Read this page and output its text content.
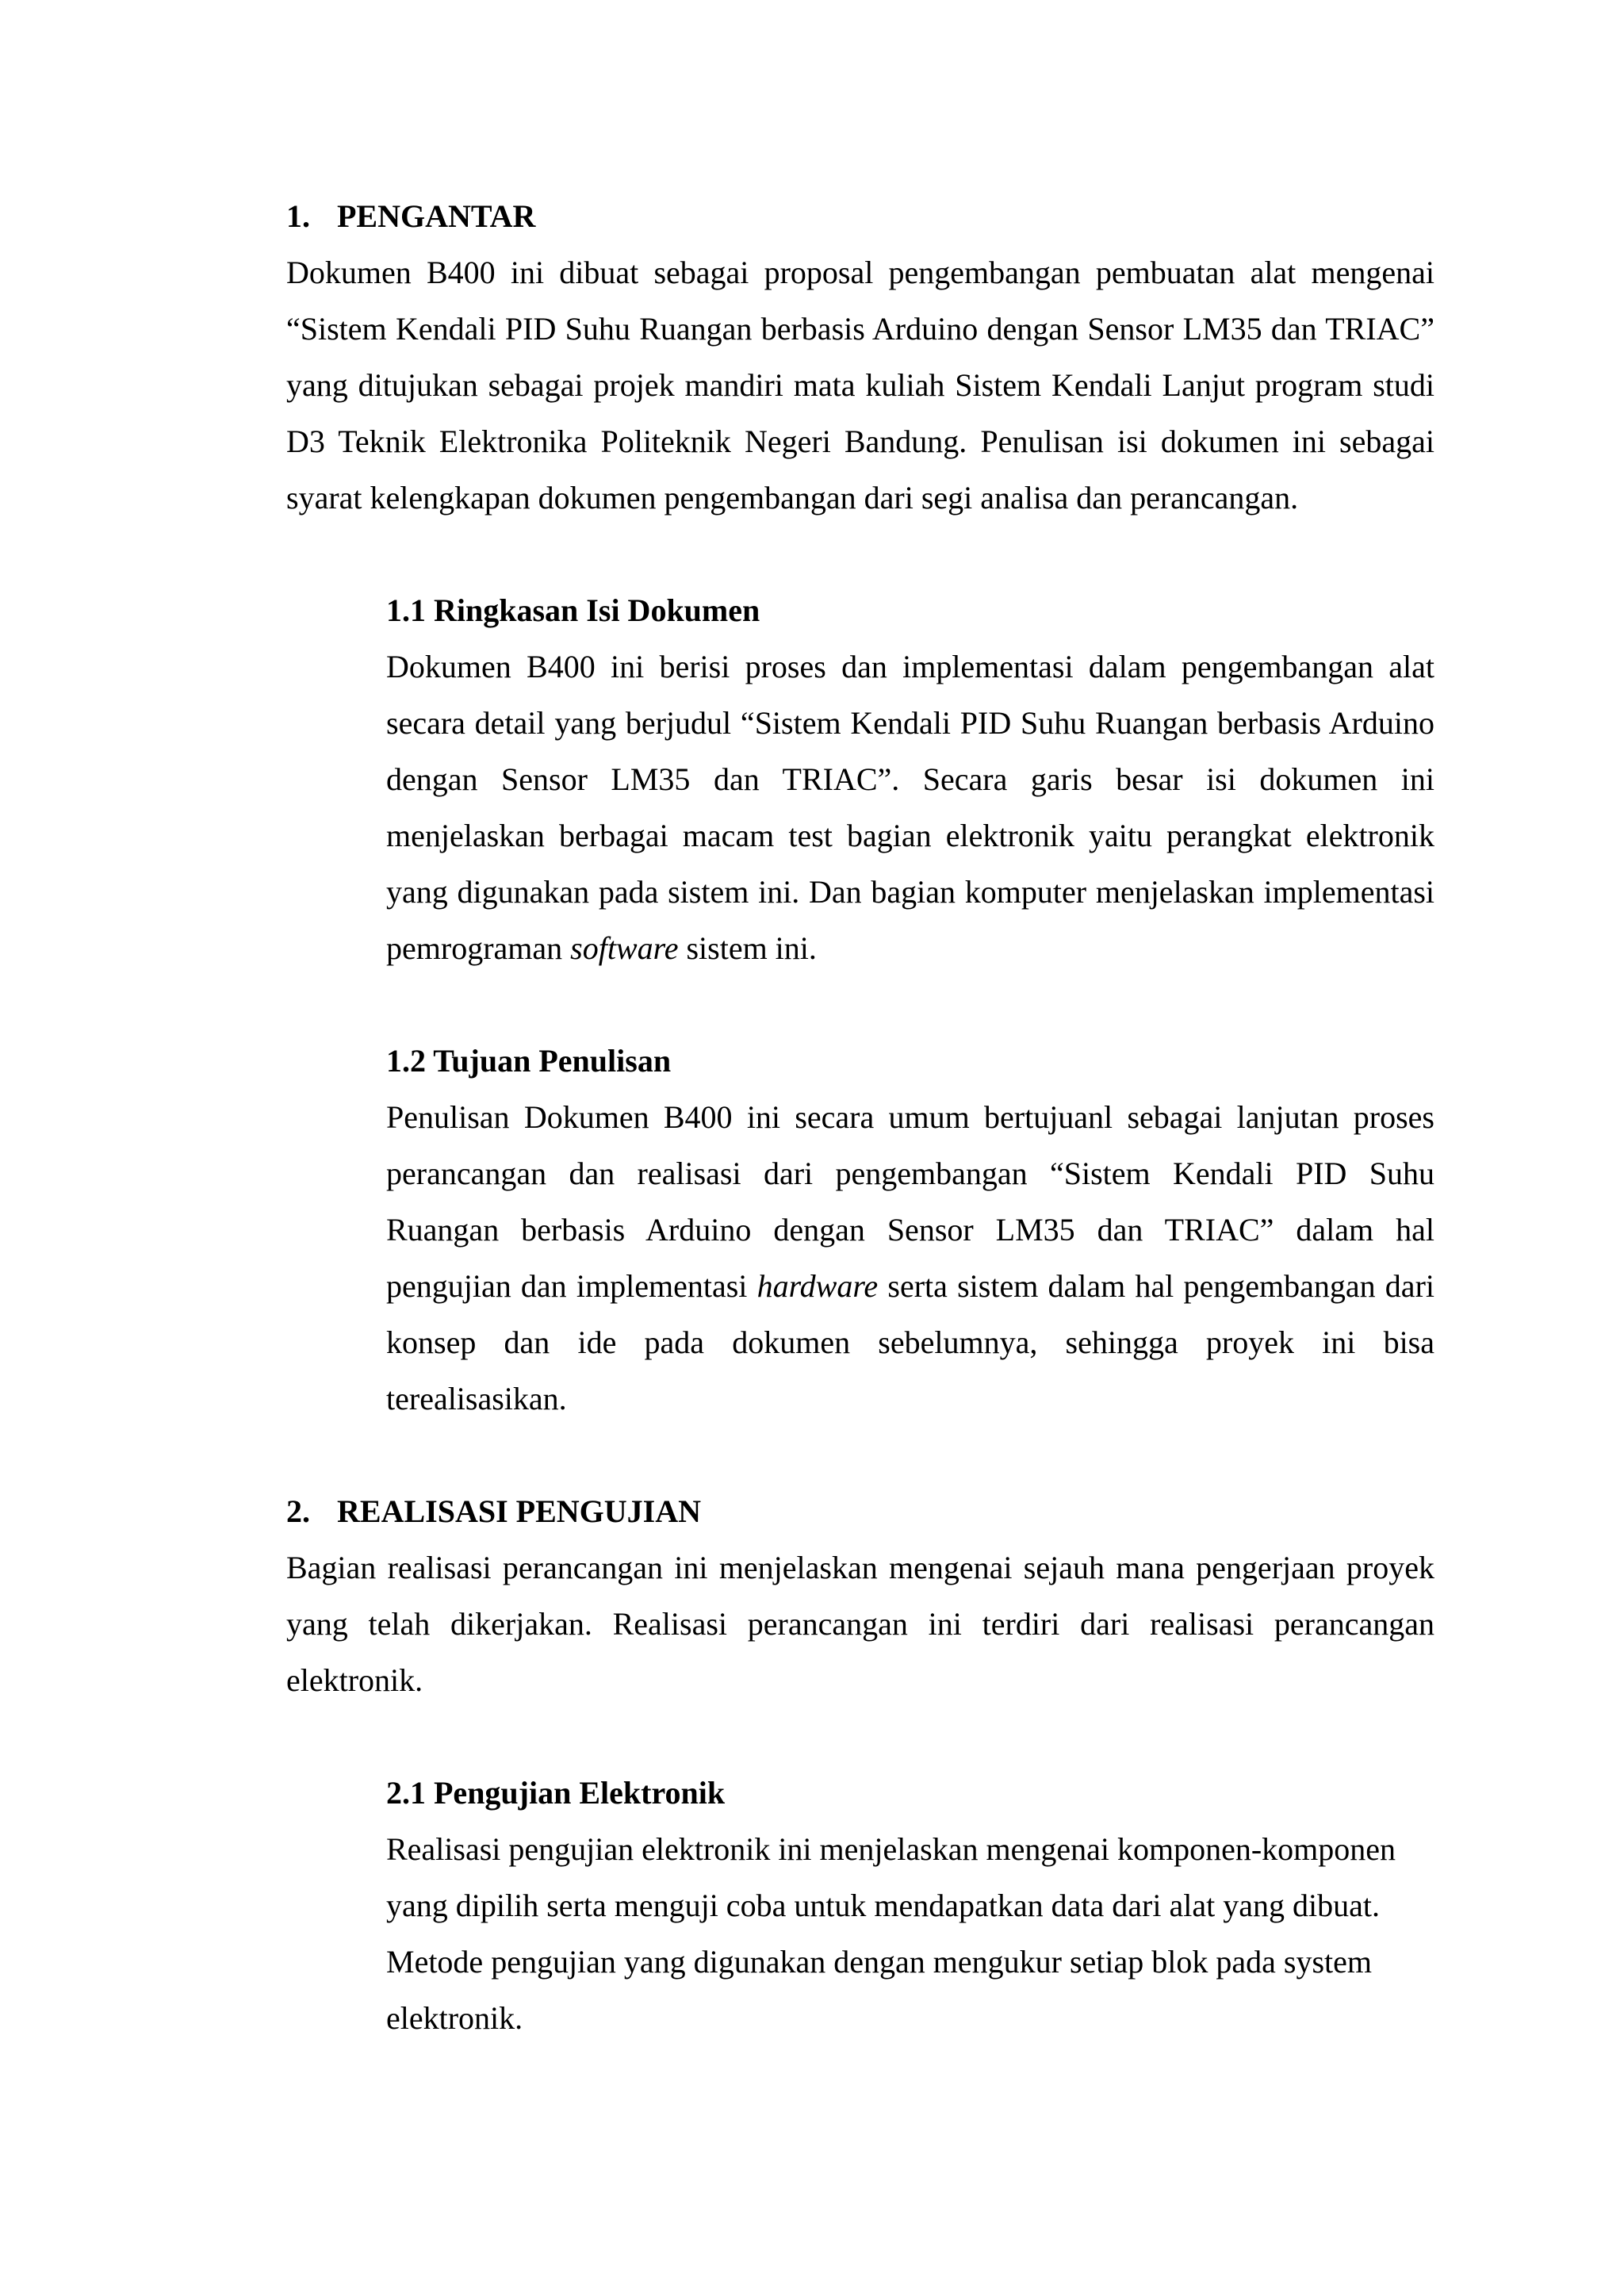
1. PENGANTAR

Dokumen B400 ini dibuat sebagai proposal pengembangan pembuatan alat mengenai “Sistem Kendali PID Suhu Ruangan berbasis Arduino dengan Sensor LM35 dan TRIAC” yang ditujukan sebagai projek mandiri mata kuliah Sistem Kendali Lanjut program studi D3 Teknik Elektronika Politeknik Negeri Bandung. Penulisan isi dokumen ini sebagai syarat kelengkapan dokumen pengembangan dari segi analisa dan perancangan.

1.1 Ringkasan Isi Dokumen

Dokumen B400 ini berisi proses dan implementasi dalam pengembangan alat secara detail yang berjudul “Sistem Kendali PID Suhu Ruangan berbasis Arduino dengan Sensor LM35 dan TRIAC”. Secara garis besar isi dokumen ini menjelaskan berbagai macam test bagian elektronik yaitu perangkat elektronik yang digunakan pada sistem ini. Dan bagian komputer menjelaskan implementasi pemrograman software sistem ini.

1.2 Tujuan Penulisan

Penulisan Dokumen B400 ini secara umum bertujuanl sebagai lanjutan proses perancangan dan realisasi dari pengembangan “Sistem Kendali PID Suhu Ruangan berbasis Arduino dengan Sensor LM35 dan TRIAC” dalam hal pengujian dan implementasi hardware serta sistem dalam hal pengembangan dari konsep dan ide pada dokumen sebelumnya, sehingga proyek ini bisa terealisasikan.

2. REALISASI PENGUJIAN

Bagian realisasi perancangan ini menjelaskan mengenai sejauh mana pengerjaan proyek yang telah dikerjakan. Realisasi perancangan ini terdiri dari realisasi perancangan elektronik.

2.1 Pengujian Elektronik
Realisasi pengujian elektronik ini menjelaskan mengenai komponen-komponen
yang dipilih serta menguji coba untuk mendapatkan data dari alat yang dibuat.
Metode pengujian yang digunakan dengan mengukur setiap blok pada system
elektronik.
